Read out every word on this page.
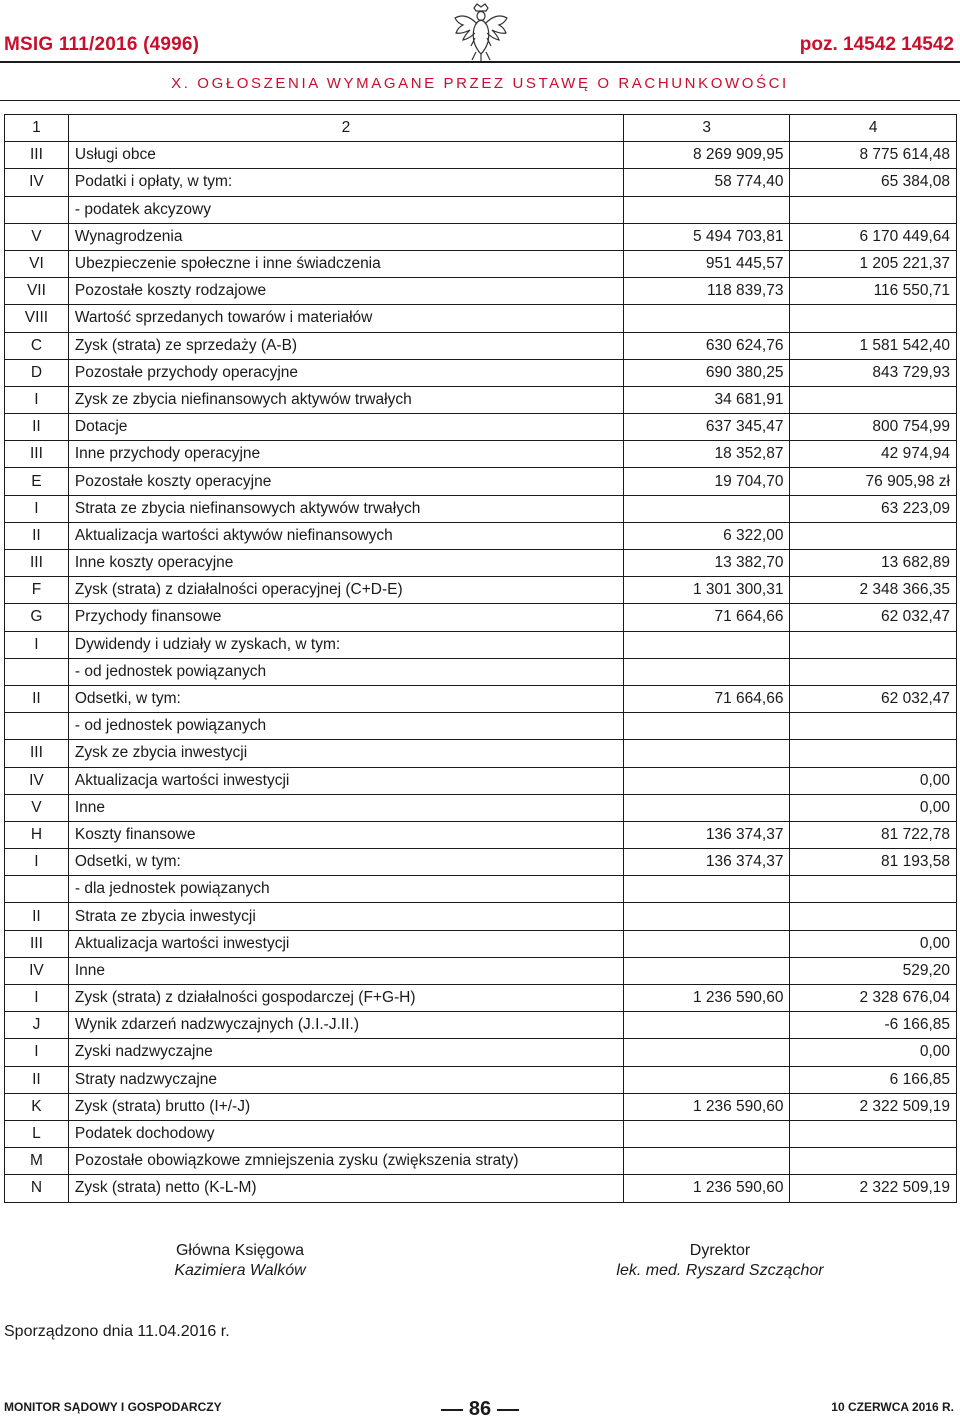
MSIG 111/2016 (4996)	poz. 14542 14542
X. OGŁOSZENIA WYMAGANE PRZEZ USTAWĘ O RACHUNKOWOŚCI
1	2	3	4
III	Usługi obce	8 269 909,95	8 775 614,48
IV	Podatki i opłaty, w tym:	58 774,40	65 384,08
	- podatek akcyzowy		
V	Wynagrodzenia	5 494 703,81	6 170 449,64
VI	Ubezpieczenie społeczne i inne świadczenia	951 445,57	1 205 221,37
VII	Pozostałe koszty rodzajowe	118 839,73	116 550,71
VIII	Wartość sprzedanych towarów i materiałów		
C	Zysk (strata) ze sprzedaży (A-B)	630 624,76	1 581 542,40
D	Pozostałe przychody operacyjne	690 380,25	843 729,93
I	Zysk ze zbycia niefinansowych aktywów trwałych	34 681,91	
II	Dotacje	637 345,47	800 754,99
III	Inne przychody operacyjne	18 352,87	42 974,94
E	Pozostałe koszty operacyjne	19 704,70	76 905,98 zł
I	Strata ze zbycia niefinansowych aktywów trwałych		63 223,09
II	Aktualizacja wartości aktywów niefinansowych	6 322,00	
III	Inne koszty operacyjne	13 382,70	13 682,89
F	Zysk (strata) z działalności operacyjnej (C+D-E)	1 301 300,31	2 348 366,35
G	Przychody finansowe	71 664,66	62 032,47
I	Dywidendy i udziały w zyskach, w tym:		
	- od jednostek powiązanych		
II	Odsetki, w tym:	71 664,66	62 032,47
	- od jednostek powiązanych		
III	Zysk ze zbycia inwestycji		
IV	Aktualizacja wartości inwestycji		0,00
V	Inne		0,00
H	Koszty finansowe	136 374,37	81 722,78
I	Odsetki, w tym:	136 374,37	81 193,58
	- dla jednostek powiązanych		
II	Strata ze zbycia inwestycji		
III	Aktualizacja wartości inwestycji		0,00
IV	Inne		529,20
I	Zysk (strata) z działalności gospodarczej (F+G-H)	1 236 590,60	2 328 676,04
J	Wynik zdarzeń nadzwyczajnych (J.I.-J.II.)		-6 166,85
I	Zyski nadzwyczajne		0,00
II	Straty nadzwyczajne		6 166,85
K	Zysk (strata) brutto (I+/-J)	1 236 590,60	2 322 509,19
L	Podatek dochodowy		
M	Pozostałe obowiązkowe zmniejszenia zysku (zwiększenia straty)		
N	Zysk (strata) netto (K-L-M)	1 236 590,60	2 322 509,19
Główna Księgowa
Kazimiera Walków
Dyrektor
lek. med. Ryszard Szcząchor
Sporządzono dnia 11.04.2016 r.
MONITOR SĄDOWY I GOSPODARCZY	86	10 CZERWCA 2016 R.
